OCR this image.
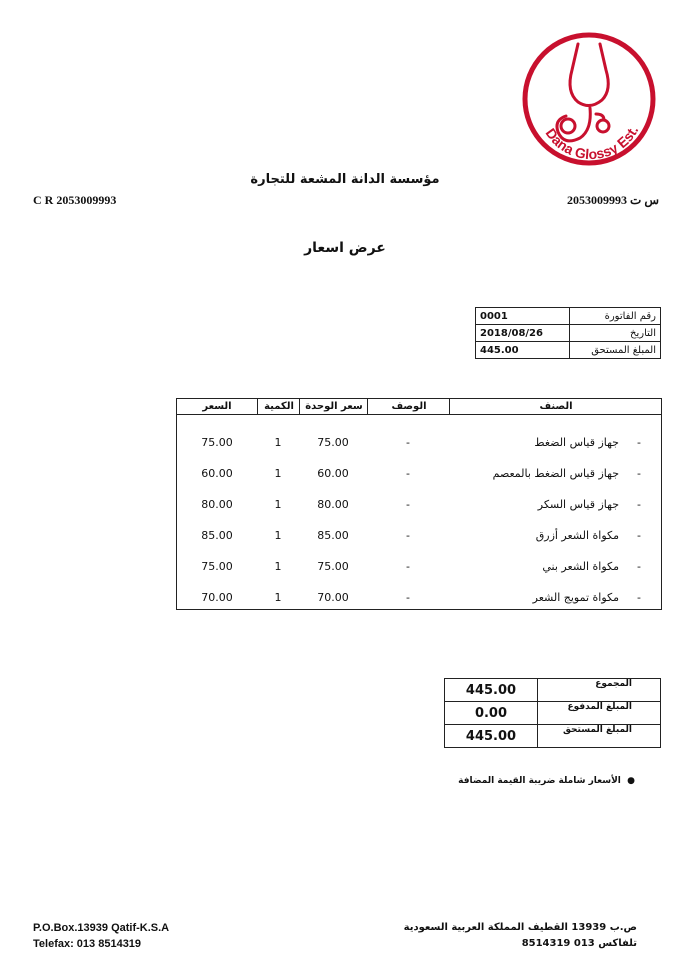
Dana Glossy Est.
مؤسسة الدانة المشعة للتجارة
C R 2053009993	س ت 2053009993
عرض اسعار
0001	رقم الفاتورة
2018/08/26	التاريخ
445.00	المبلغ المستحق
السعر	الكمية	سعر الوحدة	الوصف	الصنف
75.00	1	75.00	-	جهاز قياس الضغط	-
60.00	1	60.00	-	جهاز قياس الضغط بالمعصم	-
80.00	1	80.00	-	جهاز قياس السكر	-
85.00	1	85.00	-	مكواة الشعر أزرق	-
75.00	1	75.00	-	مكواة الشعر بني	-
70.00	1	70.00	-	مكواة تمويج الشعر	-
445.00	المجموع
0.00	المبلغ المدفوع
445.00	المبلغ المستحق
●  الأسعار شاملة ضريبة القيمة المضافة
P.O.Box.13939 Qatif-K.S.A
Telefax: 013 8514319
ص.ب 13939 القطيف المملكة العربية السعودية
تلفاكس 013 8514319
